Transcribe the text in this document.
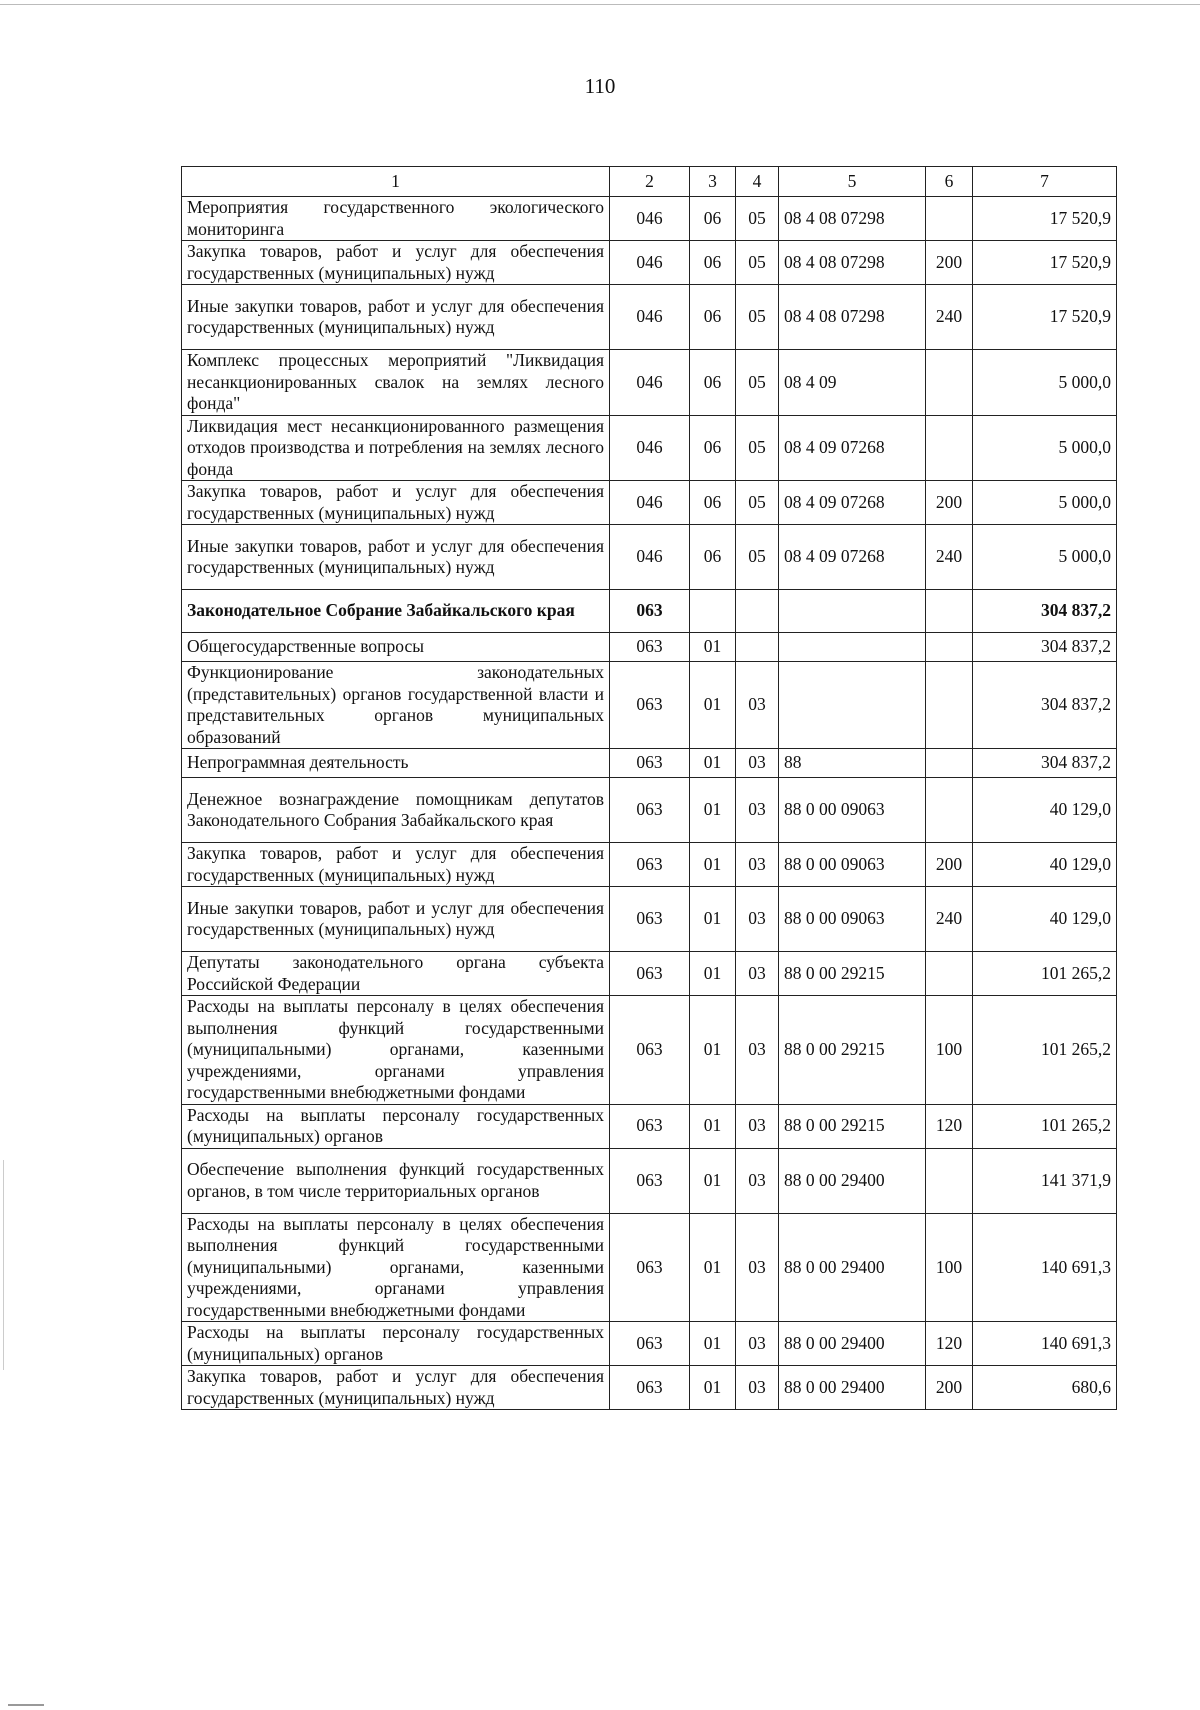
110
1	2	3	4	5	6	7
Мероприятия государственного экологического мониторинга	046	06	05	08 4 08 07298		17 520,9
Закупка товаров, работ и услуг для обеспечения государственных (муниципальных) нужд	046	06	05	08 4 08 07298	200	17 520,9
Иные закупки товаров, работ и услуг для обеспечения государственных (муниципальных) нужд	046	06	05	08 4 08 07298	240	17 520,9
Комплекс процессных мероприятий "Ликвидация несанкционированных свалок на землях лесного фонда"	046	06	05	08 4 09		5 000,0
Ликвидация мест несанкционированного размещения отходов производства и потребления на землях лесного фонда	046	06	05	08 4 09 07268		5 000,0
Закупка товаров, работ и услуг для обеспечения государственных (муниципальных) нужд	046	06	05	08 4 09 07268	200	5 000,0
Иные закупки товаров, работ и услуг для обеспечения государственных (муниципальных) нужд	046	06	05	08 4 09 07268	240	5 000,0
Законодательное Собрание Забайкальского края	063					304 837,2
Общегосударственные вопросы	063	01				304 837,2
Функционирование законодательных (представительных) органов государственной власти и представительных органов муниципальных образований	063	01	03			304 837,2
Непрограммная деятельность	063	01	03	88		304 837,2
Денежное вознаграждение помощникам депутатов Законодательного Собрания Забайкальского края	063	01	03	88 0 00 09063		40 129,0
Закупка товаров, работ и услуг для обеспечения государственных (муниципальных) нужд	063	01	03	88 0 00 09063	200	40 129,0
Иные закупки товаров, работ и услуг для обеспечения государственных (муниципальных) нужд	063	01	03	88 0 00 09063	240	40 129,0
Депутаты законодательного органа субъекта Российской Федерации	063	01	03	88 0 00 29215		101 265,2
Расходы на выплаты персоналу в целях обеспечения выполнения функций государственными (муниципальными) органами, казенными учреждениями, органами управления государственными внебюджетными фондами	063	01	03	88 0 00 29215	100	101 265,2
Расходы на выплаты персоналу государственных (муниципальных) органов	063	01	03	88 0 00 29215	120	101 265,2
Обеспечение выполнения функций государственных органов, в том числе территориальных органов	063	01	03	88 0 00 29400		141 371,9
Расходы на выплаты персоналу в целях обеспечения выполнения функций государственными (муниципальными) органами, казенными учреждениями, органами управления государственными внебюджетными фондами	063	01	03	88 0 00 29400	100	140 691,3
Расходы на выплаты персоналу государственных (муниципальных) органов	063	01	03	88 0 00 29400	120	140 691,3
Закупка товаров, работ и услуг для обеспечения государственных (муниципальных) нужд	063	01	03	88 0 00 29400	200	680,6
